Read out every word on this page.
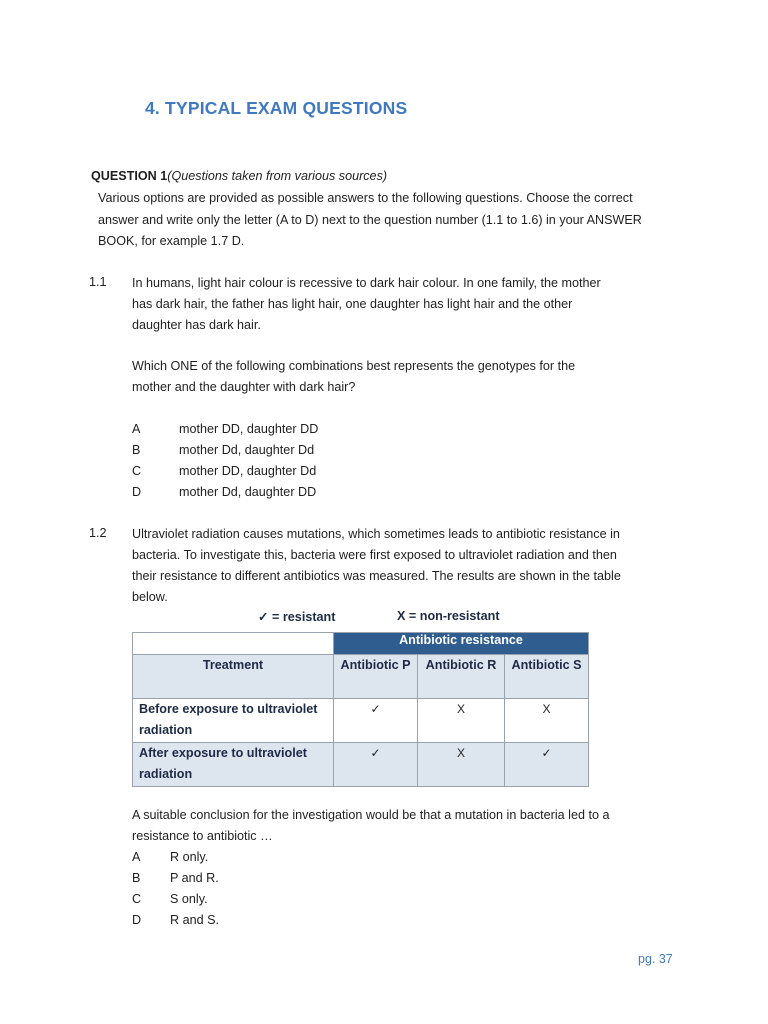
4. TYPICAL EXAM QUESTIONS
QUESTION 1(Questions taken from various sources)
Various options are provided as possible answers to the following questions. Choose the correct answer and write only the letter (A to D) next to the question number (1.1 to 1.6) in your ANSWER BOOK, for example 1.7 D.
1.1 In humans, light hair colour is recessive to dark hair colour. In one family, the mother has dark hair, the father has light hair, one daughter has light hair and the other daughter has dark hair.
Which ONE of the following combinations best represents the genotypes for the mother and the daughter with dark hair?
A	mother DD, daughter DD
B	mother Dd, daughter Dd
C	mother DD, daughter Dd
D	mother Dd, daughter DD
1.2 Ultraviolet radiation causes mutations, which sometimes leads to antibiotic resistance in bacteria. To investigate this, bacteria were first exposed to ultraviolet radiation and then their resistance to different antibiotics was measured. The results are shown in the table below.
✓ = resistant	X = non-resistant
	Antibiotic resistance		
Treatment	Antibiotic P	Antibiotic R	Antibiotic S
Before exposure to ultraviolet radiation	✓	X	X
After exposure to ultraviolet radiation	✓	X	✓
A suitable conclusion for the investigation would be that a mutation in bacteria led to a resistance to antibiotic …
A R only.
B P and R.
C S only.
D R and S.
pg. 37
